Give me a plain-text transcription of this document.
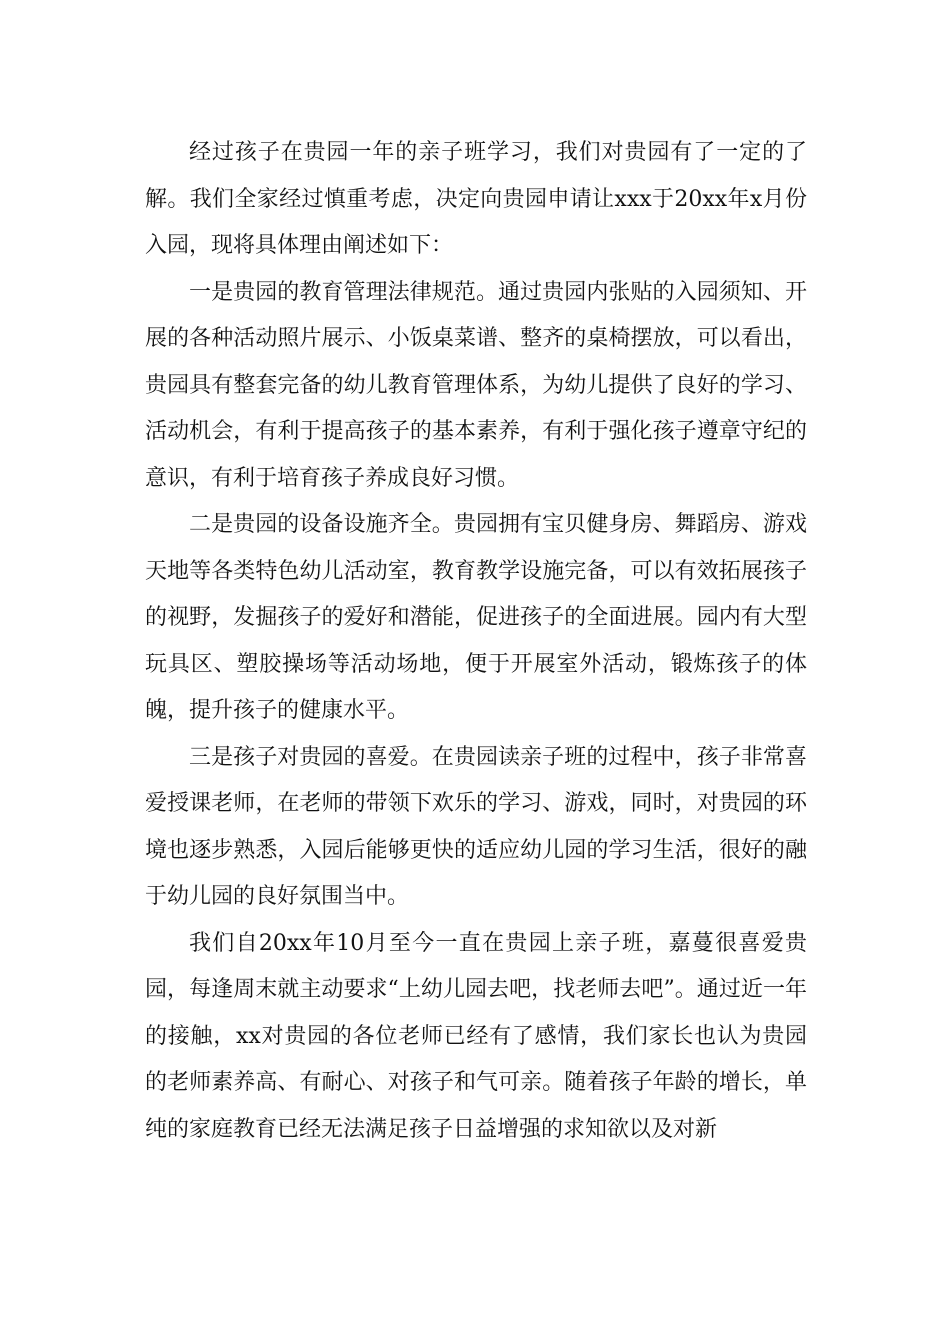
经过孩子在贵园一年的亲子班学习，我们对贵园有了一定的了解。我们全家经过慎重考虑，决定向贵园申请让xxx于20xx年x月份入园，现将具体理由阐述如下：

一是贵园的教育管理法律规范。通过贵园内张贴的入园须知、开展的各种活动照片展示、小饭桌菜谱、整齐的桌椅摆放，可以看出，贵园具有整套完备的幼儿教育管理体系，为幼儿提供了良好的学习、活动机会，有利于提高孩子的基本素养，有利于强化孩子遵章守纪的意识，有利于培育孩子养成良好习惯。

二是贵园的设备设施齐全。贵园拥有宝贝健身房、舞蹈房、游戏天地等各类特色幼儿活动室，教育教学设施完备，可以有效拓展孩子的视野，发掘孩子的爱好和潜能，促进孩子的全面进展。园内有大型玩具区、塑胶操场等活动场地，便于开展室外活动，锻炼孩子的体魄，提升孩子的健康水平。

三是孩子对贵园的喜爱。在贵园读亲子班的过程中，孩子非常喜爱授课老师，在老师的带领下欢乐的学习、游戏，同时，对贵园的环境也逐步熟悉，入园后能够更快的适应幼儿园的学习生活，很好的融于幼儿园的良好氛围当中。

我们自20xx年10月至今一直在贵园上亲子班，嘉蔓很喜爱贵园，每逢周末就主动要求“上幼儿园去吧，找老师去吧”。通过近一年的接触，xx对贵园的各位老师已经有了感情，我们家长也认为贵园的老师素养高、有耐心、对孩子和气可亲。随着孩子年龄的增长，单纯的家庭教育已经无法满足孩子日益增强的求知欲以及对新
